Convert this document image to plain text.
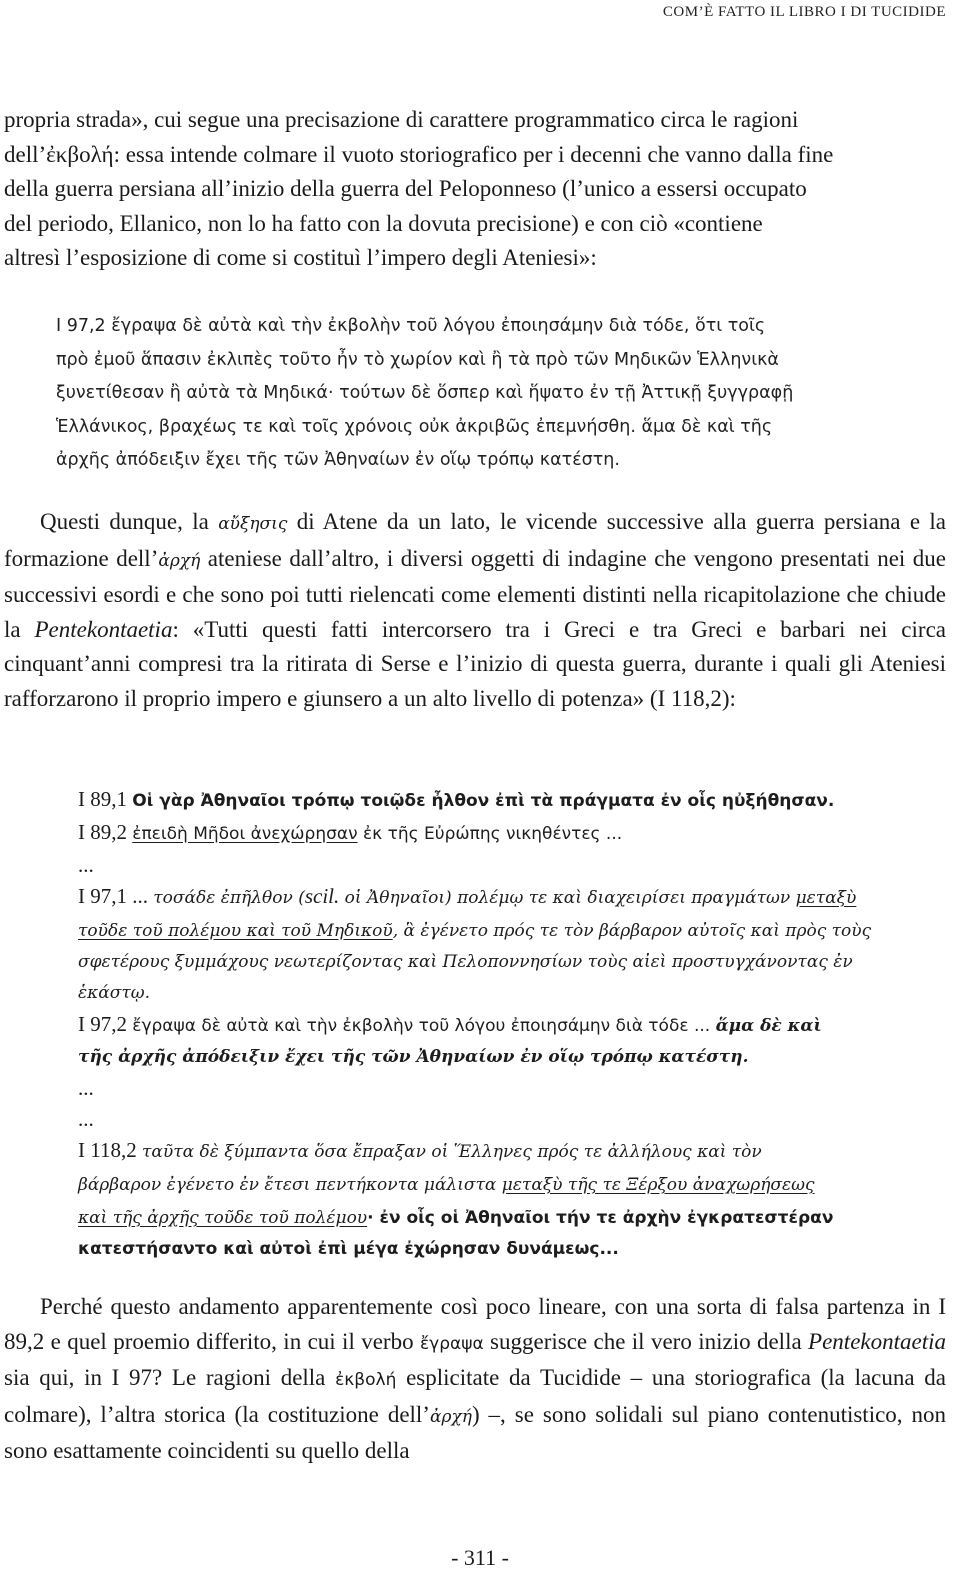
COM’È FATTO IL LIBRO I DI TUCIDIDE
propria strada», cui segue una precisazione di carattere programmatico circa le ragioni
dell’ἐκβολή: essa intende colmare il vuoto storiografico per i decenni che vanno dalla fine
della guerra persiana all’inizio della guerra del Peloponneso (l’unico a essersi occupato
del periodo, Ellanico, non lo ha fatto con la dovuta precisione) e con ciò «contiene
altresì l’esposizione di come si costituì l’impero degli Ateniesi»:
I 97,2 ἔγραψα δὲ αὐτὰ καὶ τὴν ἐκβολὴν τοῦ λόγου ἐποιησάμην διὰ τόδε, ὅτι τοῖς
πρὸ ἐμοῦ ἅπασιν ἐκλιπὲς τοῦτο ἦν τὸ χωρίον καὶ ἢ τὰ πρὸ τῶν Μηδικῶν Ἑλληνικὰ
ξυνετίθεσαν ἢ αὐτὰ τὰ Μηδικά· τούτων δὲ ὅσπερ καὶ ἥψατο ἐν τῇ Ἀττικῇ ξυγγραφῇ
Ἑλλάνικος, βραχέως τε καὶ τοῖς χρόνοις οὐκ ἀκριβῶς ἐπεμνήσθη. ἅμα δὲ καὶ τῆς
ἀρχῆς ἀπόδειξιν ἔχει τῆς τῶν Ἀθηναίων ἐν οἵῳ τρόπῳ κατέστη.

Questi dunque, la αὔξησις di Atene da un lato, le vicende successive alla guerra persiana e la formazione dell’ἀρχή ateniese dall’altro, i diversi oggetti di indagine che vengono presentati nei due successivi esordi e che sono poi tutti rielencati come elementi distinti nella ricapitolazione che chiude la Pentekontaetia: «Tutti questi fatti intercorsero tra i Greci e tra Greci e barbari nei circa cinquant’anni compresi tra la ritirata di Serse e l’inizio di questa guerra, durante i quali gli Ateniesi rafforzarono il proprio impero e giunsero a un alto livello di potenza» (I 118,2):

I 89,1 Οἱ γὰρ Ἀθηναῖοι τρόπῳ τοιῷδε ἦλθον ἐπὶ τὰ πράγματα ἐν οἷς ηὐξήθησαν.
I 89,2 ἐπειδὴ Μῆδοι ἀνεχώρησαν ἐκ τῆς Εὐρώπης νικηθέντες ...
...
I 97,1 ... τοσάδε ἐπῆλθον (scil. οἱ Ἀθηναῖοι) πολέμῳ τε καὶ διαχειρίσει πραγμάτων μεταξὺ
τοῦδε τοῦ πολέμου καὶ τοῦ Μηδικοῦ, ἃ ἐγένετο πρός τε τὸν βάρβαρον αὐτοῖς καὶ πρὸς τοὺς
σφετέρους ξυμμάχους νεωτερίζοντας καὶ Πελοποννησίων τοὺς αἰεὶ προστυγχάνοντας ἐν
ἑκάστῳ.
I 97,2 ἔγραψα δὲ αὐτὰ καὶ τὴν ἐκβολὴν τοῦ λόγου ἐποιησάμην διὰ τόδε ... ἅμα δὲ καὶ
τῆς ἀρχῆς ἀπόδειξιν ἔχει τῆς τῶν Ἀθηναίων ἐν οἵῳ τρόπῳ κατέστη.
...
...
I 118,2 ταῦτα δὲ ξύμπαντα ὅσα ἔπραξαν οἱ Ἕλληνες πρός τε ἀλλήλους καὶ τὸν
βάρβαρον ἐγένετο ἐν ἔτεσι πεντήκοντα μάλιστα μεταξὺ τῆς τε Ξέρξου ἀναχωρήσεως
καὶ τῆς ἀρχῆς τοῦδε τοῦ πολέμου· ἐν οἷς οἱ Ἀθηναῖοι τήν τε ἀρχὴν ἐγκρατεστέραν
κατεστήσαντο καὶ αὐτοὶ ἐπὶ μέγα ἐχώρησαν δυνάμεως...

Perché questo andamento apparentemente così poco lineare, con una sorta di falsa partenza in I 89,2 e quel proemio differito, in cui il verbo ἔγραψα suggerisce che il vero inizio della Pentekontaetia sia qui, in I 97? Le ragioni della ἐκβολή esplicitate da Tucidide – una storiografica (la lacuna da colmare), l’altra storica (la costituzione dell’ἀρχή) –, se sono solidali sul piano contenutistico, non sono esattamente coincidenti su quello della

- 311 -
